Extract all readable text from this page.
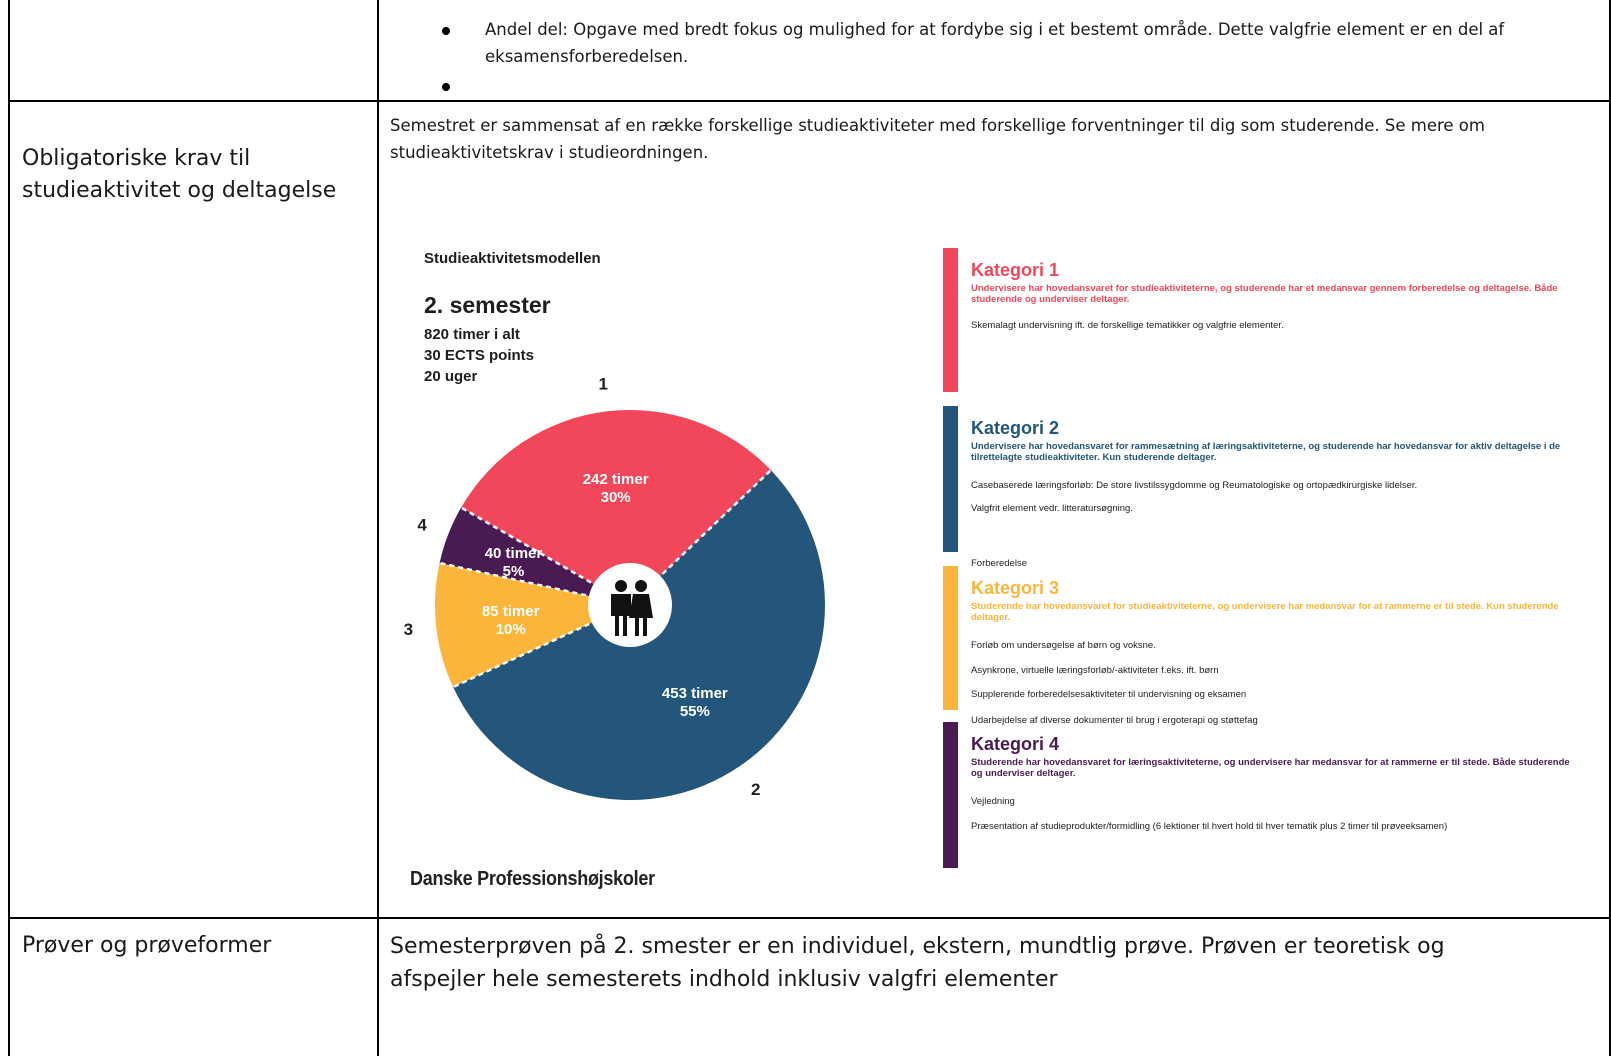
Andel del: Opgave med bredt fokus og mulighed for at fordybe sig i et bestemt område. Dette valgfrie element er en del af eksamensforberedelsen.
Obligatoriske krav til studieaktivitet og deltagelse
Semestret er sammensat af en række forskellige studieaktiviteter med forskellige forventninger til dig som studerende. Se mere om studieaktivitetskrav i studieordningen.
Studieaktivitetsmodellen
2. semester
820 timer i alt
30 ECTS points
20 uger
242 timer
30%
1
453 timer
55%
2
85 timer
10%
3
40 timer
5%
4
Danske Professionshøjskoler
Kategori 1
Undervisere har hovedansvaret for studieaktiviteterne, og studerende har et medansvar gennem forberedelse og deltagelse. Både studerende og underviser deltager.
Skemalagt undervisning ift. de forskellige tematikker og valgfrie elementer.
Kategori 2
Undervisere har hovedansvaret for rammesætning af læringsaktiviteterne, og studerende har hovedansvar for aktiv deltagelse i de tilrettelagte studieaktiviteter. Kun studerende deltager.
Casebaserede læringsforløb: De store livstilssygdomme og Reumatologiske og ortopædkirurgiske lidelser.
Valgfrit element vedr. litteratursøgning.
Forberedelse
Kategori 3
Studerende har hovedansvaret for studieaktiviteterne, og undervisere har medansvar for at rammerne er til stede. Kun studerende deltager.
Forløb om undersøgelse af børn og voksne.
Asynkrone, virtuelle læringsforløb/-aktiviteter f.eks. ift. børn
Supplerende forberedelsesaktiviteter til undervisning og eksamen
Udarbejdelse af diverse dokumenter til brug i ergoterapi og støttefag
Kategori 4
Studerende har hovedansvaret for læringsaktiviteterne, og undervisere har medansvar for at rammerne er til stede. Både studerende og underviser deltager.
Vejledning
Præsentation af studieprodukter/formidling (6 lektioner til hvert hold til hver tematik plus 2 timer til prøveeksamen)
Prøver og prøveformer	Semesterprøven på 2. smester er en individuel, ekstern, mundtlig prøve. Prøven er teoretisk og afspejler hele semesterets indhold inklusiv valgfri elementer
